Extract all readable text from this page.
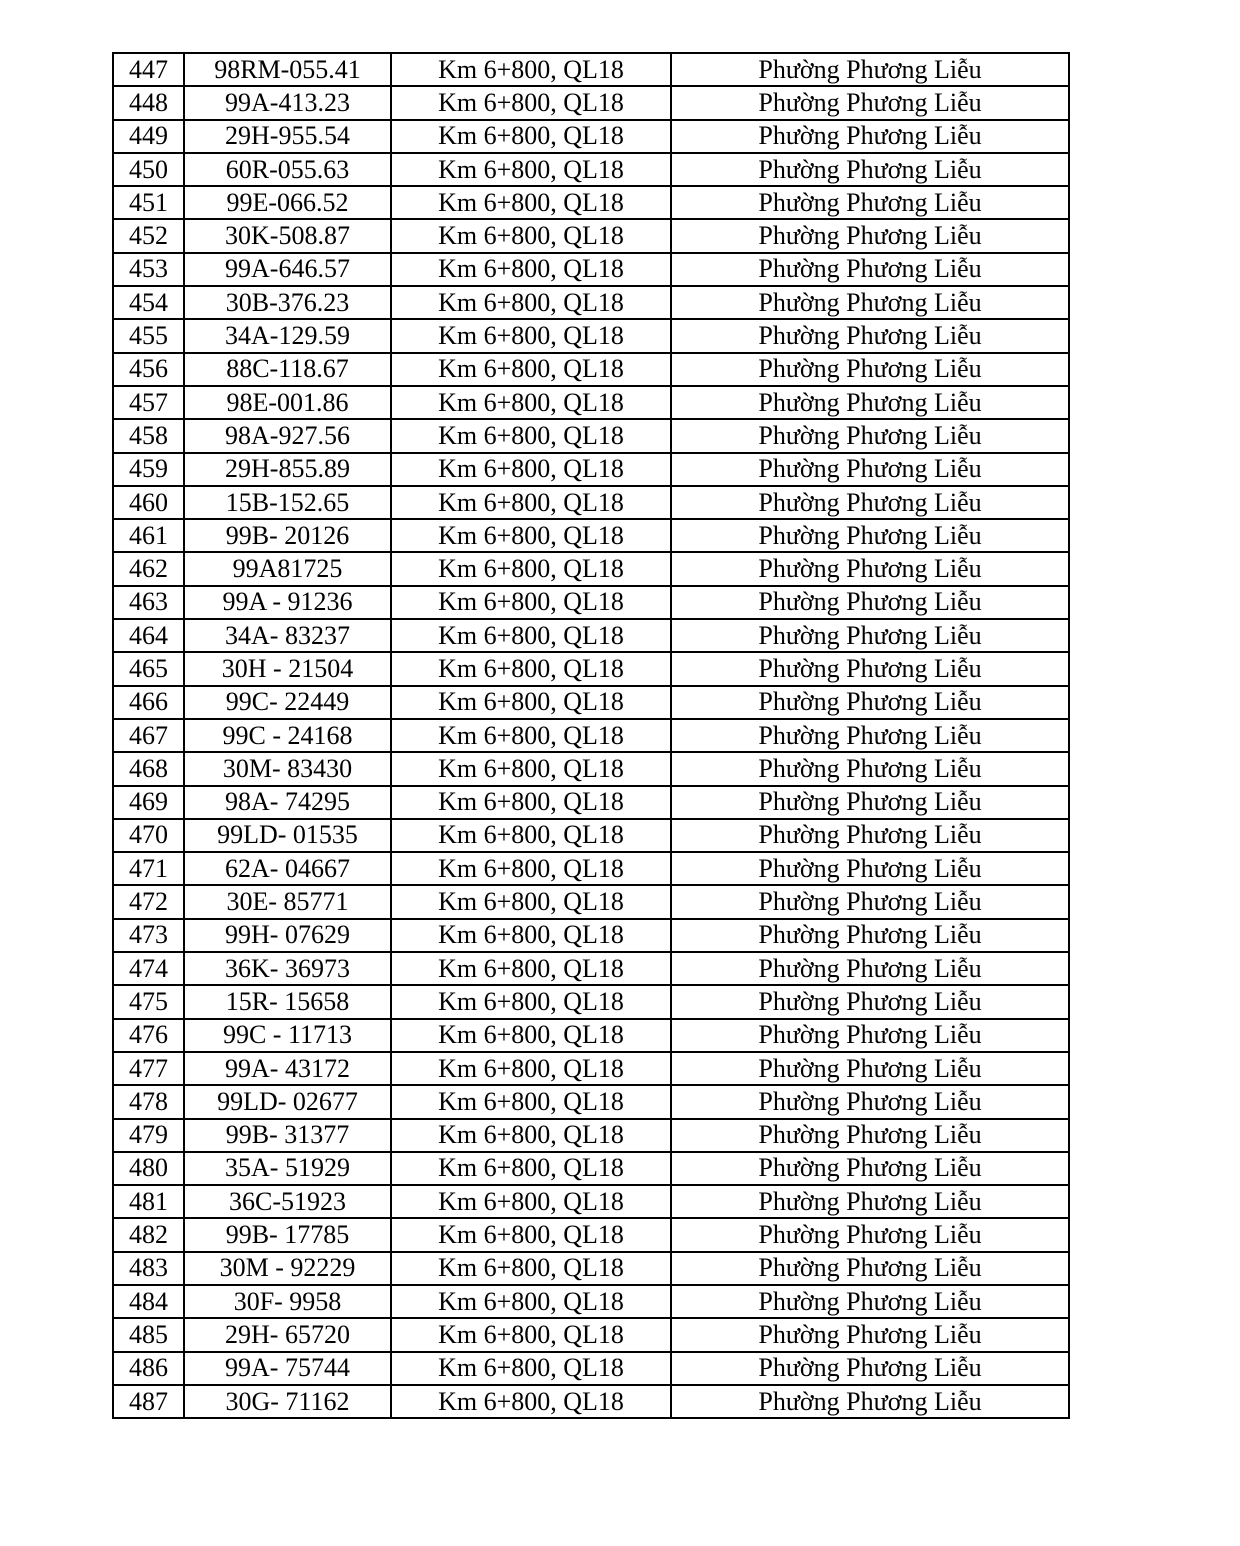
447	98RM-055.41	Km 6+800, QL18	Phường Phương Liễu
448	99A-413.23	Km 6+800, QL18	Phường Phương Liễu
449	29H-955.54	Km 6+800, QL18	Phường Phương Liễu
450	60R-055.63	Km 6+800, QL18	Phường Phương Liễu
451	99E-066.52	Km 6+800, QL18	Phường Phương Liễu
452	30K-508.87	Km 6+800, QL18	Phường Phương Liễu
453	99A-646.57	Km 6+800, QL18	Phường Phương Liễu
454	30B-376.23	Km 6+800, QL18	Phường Phương Liễu
455	34A-129.59	Km 6+800, QL18	Phường Phương Liễu
456	88C-118.67	Km 6+800, QL18	Phường Phương Liễu
457	98E-001.86	Km 6+800, QL18	Phường Phương Liễu
458	98A-927.56	Km 6+800, QL18	Phường Phương Liễu
459	29H-855.89	Km 6+800, QL18	Phường Phương Liễu
460	15B-152.65	Km 6+800, QL18	Phường Phương Liễu
461	99B- 20126	Km 6+800, QL18	Phường Phương Liễu
462	99A81725	Km 6+800, QL18	Phường Phương Liễu
463	99A - 91236	Km 6+800, QL18	Phường Phương Liễu
464	34A- 83237	Km 6+800, QL18	Phường Phương Liễu
465	30H - 21504	Km 6+800, QL18	Phường Phương Liễu
466	99C- 22449	Km 6+800, QL18	Phường Phương Liễu
467	99C - 24168	Km 6+800, QL18	Phường Phương Liễu
468	30M- 83430	Km 6+800, QL18	Phường Phương Liễu
469	98A- 74295	Km 6+800, QL18	Phường Phương Liễu
470	99LD- 01535	Km 6+800, QL18	Phường Phương Liễu
471	62A- 04667	Km 6+800, QL18	Phường Phương Liễu
472	30E- 85771	Km 6+800, QL18	Phường Phương Liễu
473	99H- 07629	Km 6+800, QL18	Phường Phương Liễu
474	36K- 36973	Km 6+800, QL18	Phường Phương Liễu
475	15R- 15658	Km 6+800, QL18	Phường Phương Liễu
476	99C - 11713	Km 6+800, QL18	Phường Phương Liễu
477	99A- 43172	Km 6+800, QL18	Phường Phương Liễu
478	99LD- 02677	Km 6+800, QL18	Phường Phương Liễu
479	99B- 31377	Km 6+800, QL18	Phường Phương Liễu
480	35A- 51929	Km 6+800, QL18	Phường Phương Liễu
481	36C-51923	Km 6+800, QL18	Phường Phương Liễu
482	99B- 17785	Km 6+800, QL18	Phường Phương Liễu
483	30M - 92229	Km 6+800, QL18	Phường Phương Liễu
484	30F- 9958	Km 6+800, QL18	Phường Phương Liễu
485	29H- 65720	Km 6+800, QL18	Phường Phương Liễu
486	99A- 75744	Km 6+800, QL18	Phường Phương Liễu
487	30G- 71162	Km 6+800, QL18	Phường Phương Liễu
